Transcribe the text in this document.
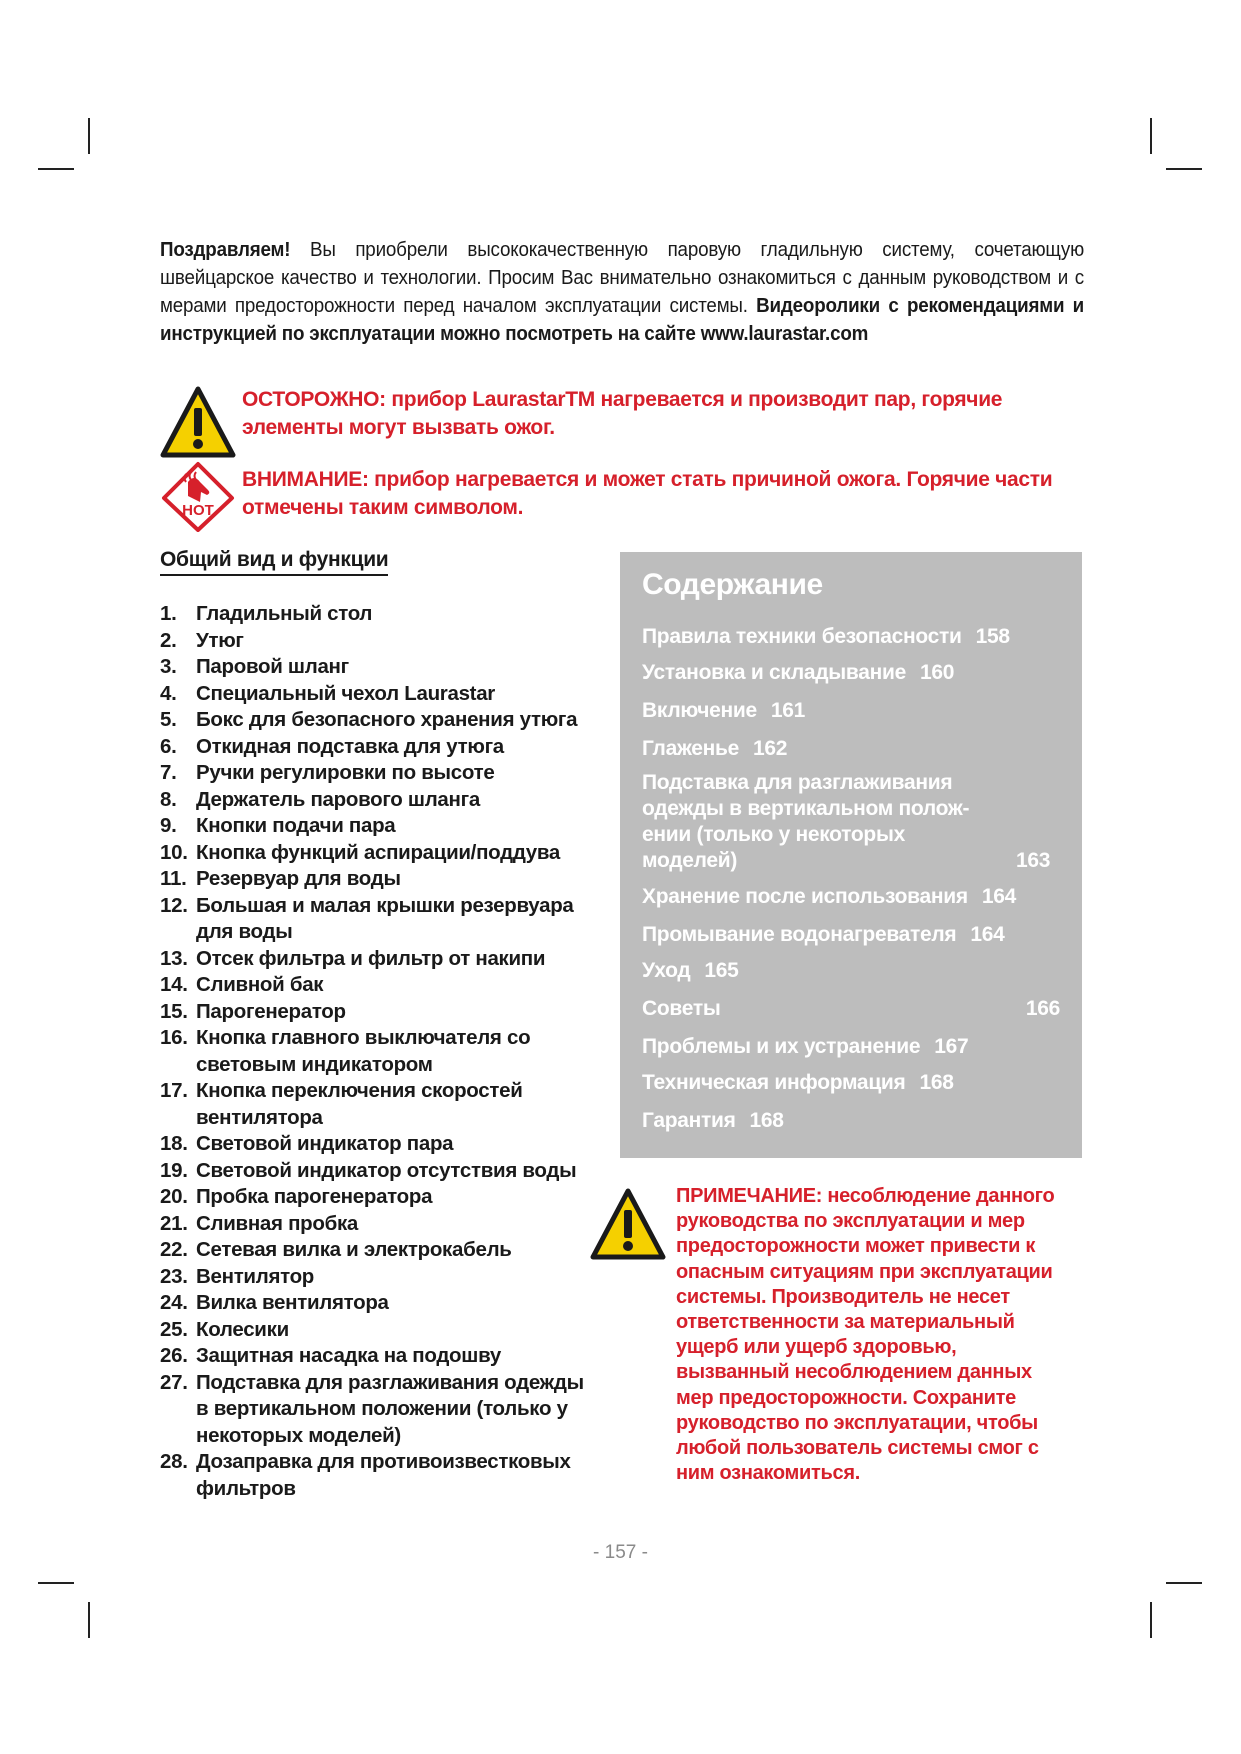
Поздравляем! Вы приобрели высококачественную паровую гладильную систему, сочетающую швейцарское качество и технологии. Просим Вас внимательно ознакомиться с данным руководством и с мерами предосторожности перед началом эксплуатации системы. Видеоролики с рекомендациями и инструкцией по эксплуатации можно посмотреть на сайте www.laurastar.com
ОСТОРОЖНО: прибор LaurastarTM нагревается и производит пар, горячие элементы могут вызвать ожог.
HOT
ВНИМАНИЕ: прибор нагревается и может стать причиной ожога. Горячие части отмечены таким символом.
Общий вид и функции
1. Гладильный стол
2. Утюг
3. Паровой шланг
4. Специальный чехол Laurastar
5. Бокс для безопасного хранения утюга
6. Откидная подставка для утюга
7. Ручки регулировки по высоте
8. Держатель парового шланга
9. Кнопки подачи пара
10. Кнопка функций аспирации/поддува
11. Резервуар для воды
12. Большая и малая крышки резервуара для воды
13. Отсек фильтра и фильтр от накипи
14. Сливной бак
15. Парогенератор
16. Кнопка главного выключателя со световым индикатором
17. Кнопка переключения скоростей вентилятора
18. Световой индикатор пара
19. Световой индикатор отсутствия воды
20. Пробка парогенератора
21. Сливная пробка
22. Сетевая вилка и электрокабель
23. Вентилятор
24. Вилка вентилятора
25. Колесики
26. Защитная насадка на подошву
27. Подставка для разглаживания одежды в вертикальном положении (только у некоторых моделей)
28. Дозаправка для противоизвестковых фильтров
Содержание
Правила техники безопасности 158
Установка и складывание 160
Включение 161
Глаженье 162
Подставка для разглаживания одежды в вертикальном полож- ении (только у некоторых моделей)	163
Хранение после использования 164
Промывание водонагревателя 164
Уход 165
Советы	166
Проблемы и их устранение 167
Техническая информация 168
Гарантия 168
ПРИМЕЧАНИЕ: несоблюдение данного руководства по эксплуатации и мер предосторожности может привести к опасным ситуациям при эксплуатации системы. Производитель не несет ответственности за материальный ущерб или ущерб здоровью, вызванный несоблюдением данных мер предосторожности. Сохраните руководство по эксплуатации, чтобы любой пользователь системы смог с ним ознакомиться.
- 157 -
